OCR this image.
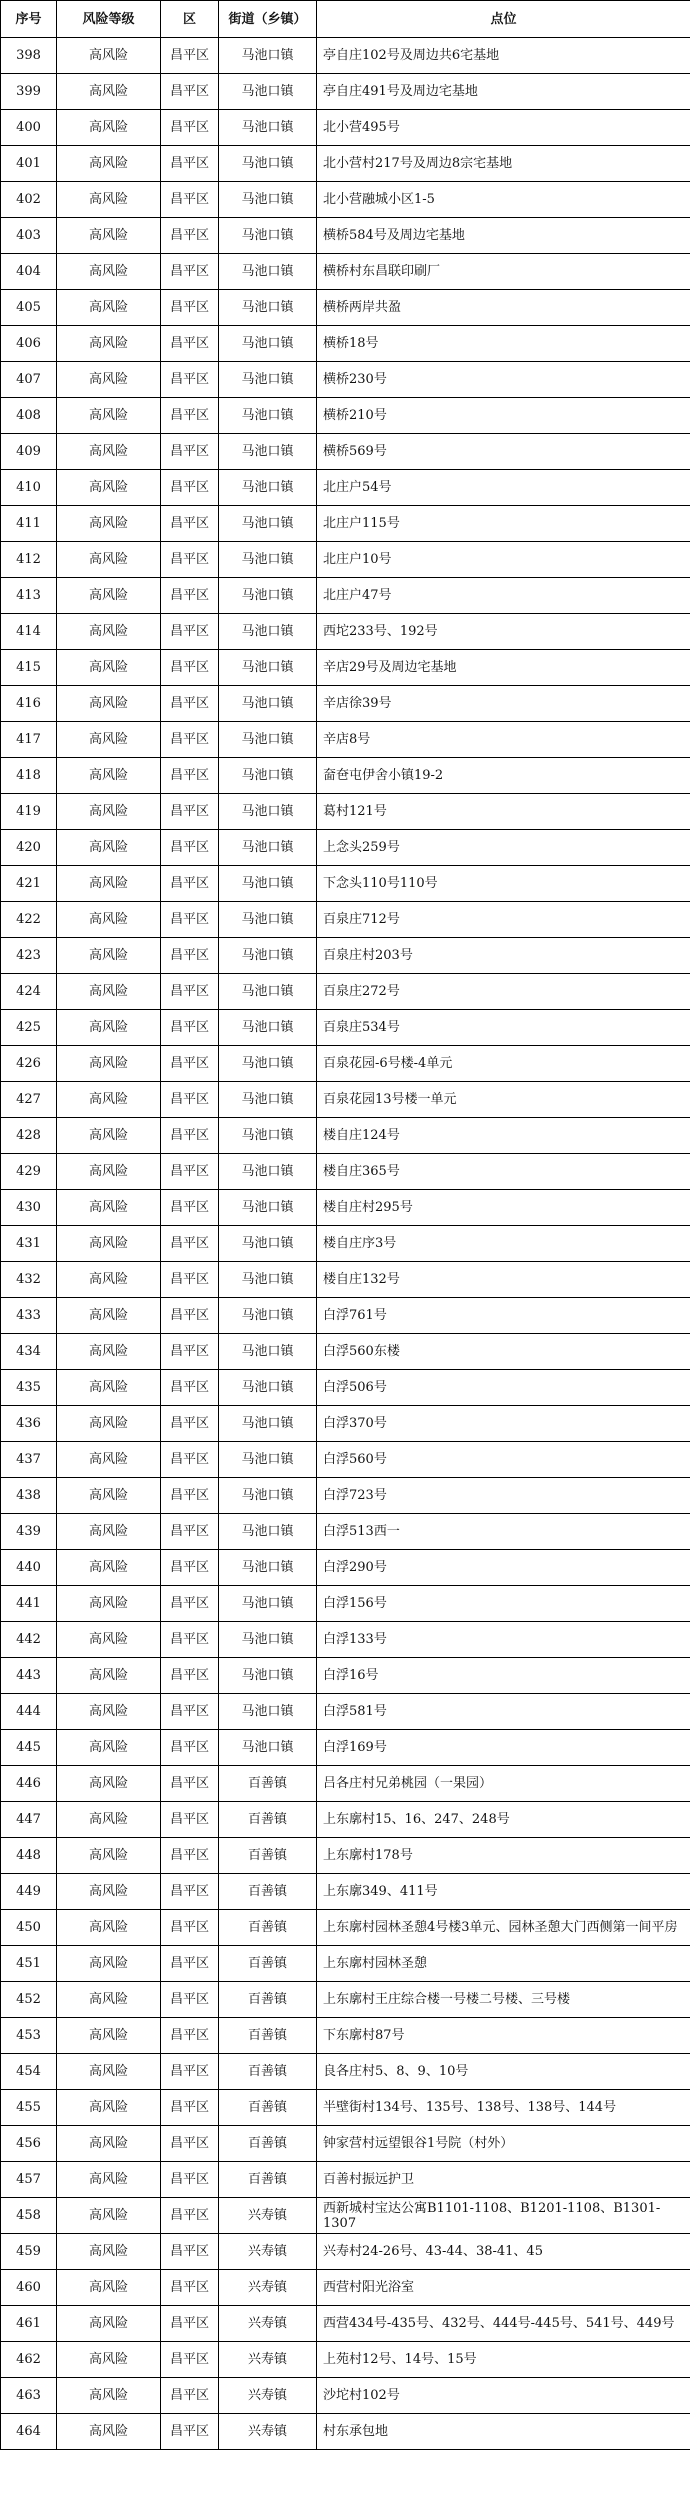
序号	风险等级	区	街道（乡镇）	点位
398	高风险	昌平区	马池口镇	亭自庄102号及周边共6宅基地
399	高风险	昌平区	马池口镇	亭自庄491号及周边宅基地
400	高风险	昌平区	马池口镇	北小营495号
401	高风险	昌平区	马池口镇	北小营村217号及周边8宗宅基地
402	高风险	昌平区	马池口镇	北小营融城小区1-5
403	高风险	昌平区	马池口镇	横桥584号及周边宅基地
404	高风险	昌平区	马池口镇	横桥村东昌联印刷厂
405	高风险	昌平区	马池口镇	横桥两岸共盈
406	高风险	昌平区	马池口镇	横桥18号
407	高风险	昌平区	马池口镇	横桥230号
408	高风险	昌平区	马池口镇	横桥210号
409	高风险	昌平区	马池口镇	横桥569号
410	高风险	昌平区	马池口镇	北庄户54号
411	高风险	昌平区	马池口镇	北庄户115号
412	高风险	昌平区	马池口镇	北庄户10号
413	高风险	昌平区	马池口镇	北庄户47号
414	高风险	昌平区	马池口镇	西坨233号、192号
415	高风险	昌平区	马池口镇	辛店29号及周边宅基地
416	高风险	昌平区	马池口镇	辛店徐39号
417	高风险	昌平区	马池口镇	辛店8号
418	高风险	昌平区	马池口镇	奤夿屯伊舍小镇19-2
419	高风险	昌平区	马池口镇	葛村121号
420	高风险	昌平区	马池口镇	上念头259号
421	高风险	昌平区	马池口镇	下念头110号110号
422	高风险	昌平区	马池口镇	百泉庄712号
423	高风险	昌平区	马池口镇	百泉庄村203号
424	高风险	昌平区	马池口镇	百泉庄272号
425	高风险	昌平区	马池口镇	百泉庄534号
426	高风险	昌平区	马池口镇	百泉花园-6号楼-4单元
427	高风险	昌平区	马池口镇	百泉花园13号楼一单元
428	高风险	昌平区	马池口镇	楼自庄124号
429	高风险	昌平区	马池口镇	楼自庄365号
430	高风险	昌平区	马池口镇	楼自庄村295号
431	高风险	昌平区	马池口镇	楼自庄序3号
432	高风险	昌平区	马池口镇	楼自庄132号
433	高风险	昌平区	马池口镇	白浮761号
434	高风险	昌平区	马池口镇	白浮560东楼
435	高风险	昌平区	马池口镇	白浮506号
436	高风险	昌平区	马池口镇	白浮370号
437	高风险	昌平区	马池口镇	白浮560号
438	高风险	昌平区	马池口镇	白浮723号
439	高风险	昌平区	马池口镇	白浮513西一
440	高风险	昌平区	马池口镇	白浮290号
441	高风险	昌平区	马池口镇	白浮156号
442	高风险	昌平区	马池口镇	白浮133号
443	高风险	昌平区	马池口镇	白浮16号
444	高风险	昌平区	马池口镇	白浮581号
445	高风险	昌平区	马池口镇	白浮169号
446	高风险	昌平区	百善镇	吕各庄村兄弟桃园（一果园）
447	高风险	昌平区	百善镇	上东廓村15、16、247、248号
448	高风险	昌平区	百善镇	上东廓村178号
449	高风险	昌平区	百善镇	上东廓349、411号
450	高风险	昌平区	百善镇	上东廓村园林圣憩4号楼3单元、园林圣憩大门西侧第一间平房
451	高风险	昌平区	百善镇	上东廓村园林圣憩
452	高风险	昌平区	百善镇	上东廓村王庄综合楼一号楼二号楼、三号楼
453	高风险	昌平区	百善镇	下东廓村87号
454	高风险	昌平区	百善镇	良各庄村5、8、9、10号
455	高风险	昌平区	百善镇	半壁街村134号、135号、138号、138号、144号
456	高风险	昌平区	百善镇	钟家营村远望银谷1号院（村外）
457	高风险	昌平区	百善镇	百善村振远护卫
458	高风险	昌平区	兴寿镇	西新城村宝达公寓B1101-1108、B1201-1108、B1301-1307
459	高风险	昌平区	兴寿镇	兴寿村24-26号、43-44、38-41、45
460	高风险	昌平区	兴寿镇	西营村阳光浴室
461	高风险	昌平区	兴寿镇	西营434号-435号、432号、444号-445号、541号、449号
462	高风险	昌平区	兴寿镇	上苑村12号、14号、15号
463	高风险	昌平区	兴寿镇	沙坨村102号
464	高风险	昌平区	兴寿镇	村东承包地
